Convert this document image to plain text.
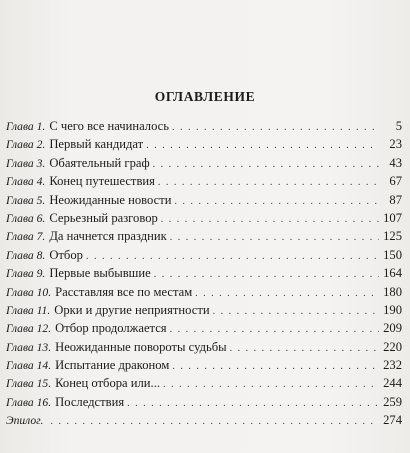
ОГЛАВЛЕНИЕ
Глава 1. С чего все начиналось . . .	5
Глава 2. Первый кандидат . . .	23
Глава 3. Обаятельный граф . . .	43
Глава 4. Конец путешествия . . .	67
Глава 5. Неожиданные новости . . .	87
Глава 6. Серьезный разговор . . .	107
Глава 7. Да начнется праздник . . .	125
Глава 8. Отбор . . .	150
Глава 9. Первые выбывшие . . .	164
Глава 10. Расставляя все по местам . . .	180
Глава 11. Орки и другие неприятности . . .	190
Глава 12. Отбор продолжается . . .	209
Глава 13. Неожиданные повороты судьбы . . .	220
Глава 14. Испытание драконом . . .	232
Глава 15. Конец отбора или... . . .	244
Глава 16. Последствия . . .	259
Эпилог. . . .	274
